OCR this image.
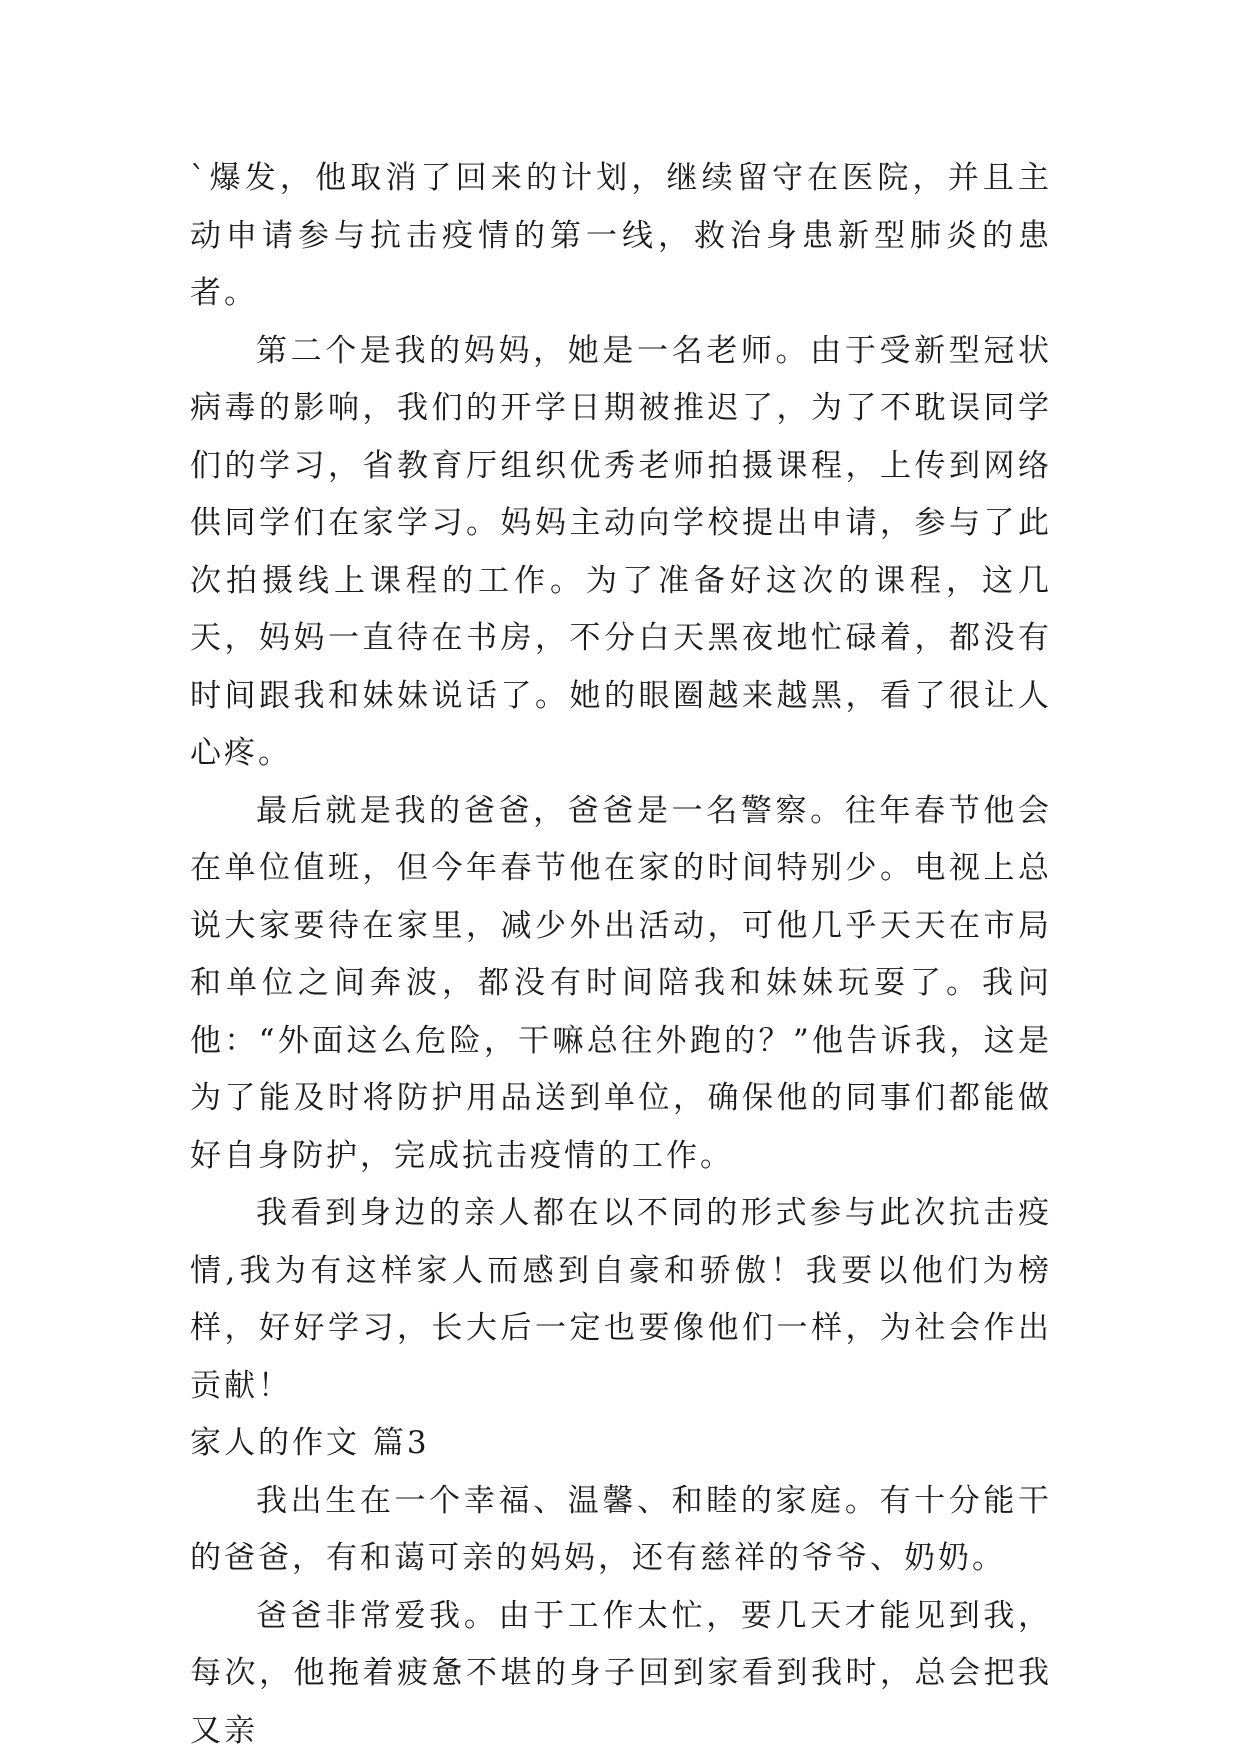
`爆发，他取消了回来的计划，继续留守在医院，并且主动申请参与抗击疫情的第一线，救治身患新型肺炎的患者。

第二个是我的妈妈，她是一名老师。由于受新型冠状病毒的影响，我们的开学日期被推迟了，为了不耽误同学们的学习，省教育厅组织优秀老师拍摄课程，上传到网络供同学们在家学习。妈妈主动向学校提出申请，参与了此次拍摄线上课程的工作。为了准备好这次的课程，这几天，妈妈一直待在书房，不分白天黑夜地忙碌着，都没有时间跟我和妹妹说话了。她的眼圈越来越黑，看了很让人心疼。

最后就是我的爸爸，爸爸是一名警察。往年春节他会在单位值班，但今年春节他在家的时间特别少。电视上总说大家要待在家里，减少外出活动，可他几乎天天在市局和单位之间奔波，都没有时间陪我和妹妹玩耍了。我问他：“外面这么危险，干嘛总往外跑的？”他告诉我，这是为了能及时将防护用品送到单位，确保他的同事们都能做好自身防护，完成抗击疫情的工作。

我看到身边的亲人都在以不同的形式参与此次抗击疫情,我为有这样家人而感到自豪和骄傲！我要以他们为榜样，好好学习，长大后一定也要像他们一样，为社会作出贡献！

家人的作文 篇3

我出生在一个幸福、温馨、和睦的家庭。有十分能干的爸爸，有和蔼可亲的妈妈，还有慈祥的爷爷、奶奶。

爸爸非常爱我。由于工作太忙，要几天才能见到我，每次，他拖着疲惫不堪的身子回到家看到我时，总会把我又亲
